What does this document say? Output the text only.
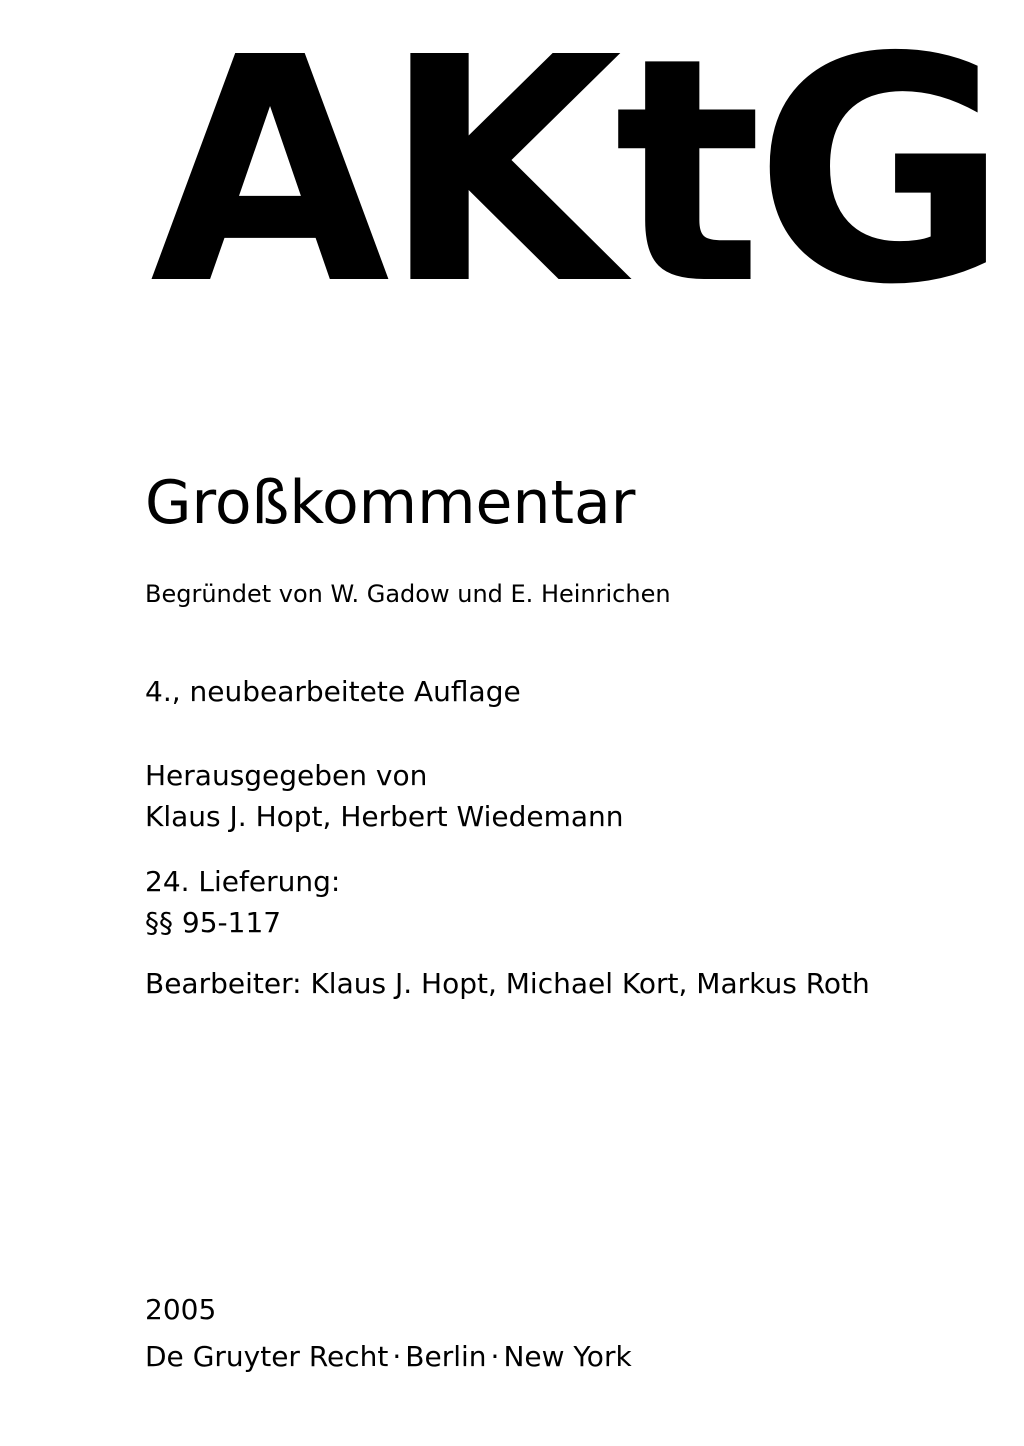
AKtG
Großkommentar
Begründet von W. Gadow und E. Heinrichen
4., neubearbeitete Auflage
Herausgegeben von
Klaus J. Hopt, Herbert Wiedemann
24. Lieferung:
§§ 95-117
Bearbeiter: Klaus J. Hopt, Michael Kort, Markus Roth
2005
De Gruyter Recht · Berlin · New York
